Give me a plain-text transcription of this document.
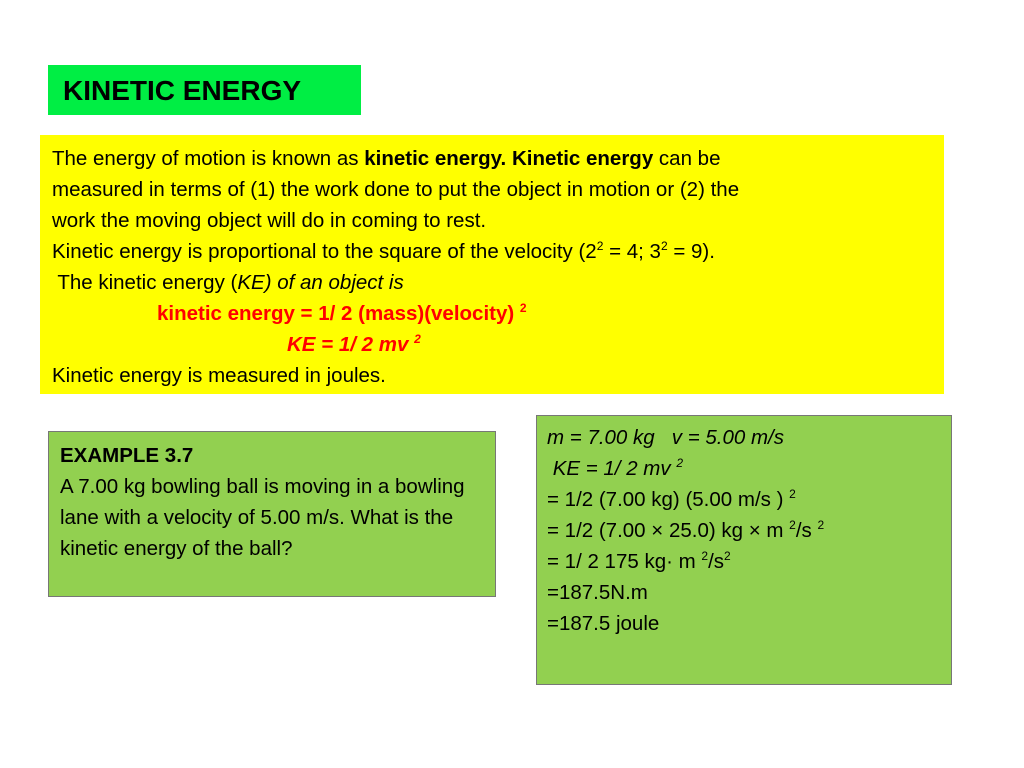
KINETIC ENERGY
The energy of motion is known as kinetic energy. Kinetic energy can be
measured in terms of (1) the work done to put the object in motion or (2) the
work the moving object will do in coming to rest.
Kinetic energy is proportional to the square of the velocity ($2^2 = 4$; $3^2 = 9$).
The kinetic energy (KE) of an object is
kinetic energy = 1/ 2 (mass)(velocity) $^2$
KE = 1/ 2 mv $^2$
Kinetic energy is measured in joules.
EXAMPLE 3.7
A 7.00 kg bowling ball is moving in a bowling lane with a velocity of 5.00 m/s. What is the kinetic energy of the ball?
m = 7.00 kg   v = 5.00 m/s
KE = 1/ 2 mv $^2$
= 1/2 (7.00 kg) (5.00 m/s ) $^2$
= 1/2 (7.00 × 25.0) kg × m $^2$/s $^2$
= 1/ 2 175 kg· m $^2/s^2$
=187.5N.m
=187.5 joule
